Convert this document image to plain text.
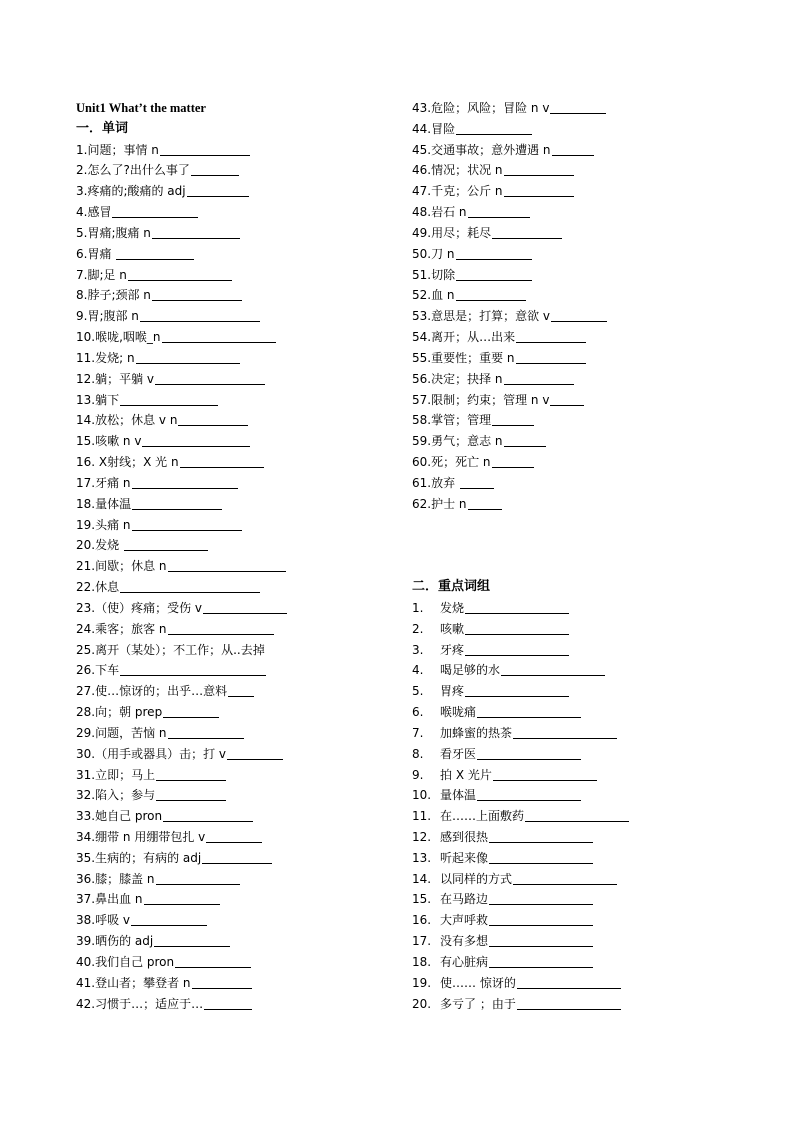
Unit1 What’t the matter
一．单词
1.问题；事情 n
2.怎么了?出什么事了
3.疼痛的;酸痛的 adj
4.感冒
5.胃痛;腹痛 n
6.胃痛
7.脚;足 n
8.脖子;颈部 n
9.胃;腹部 n
10.喉咙,咽喉_n
11.发烧; n
12.躺；平躺 v
13.躺下
14.放松；休息 v n
15.咳嗽 n v
16. X射线；X 光 n
17.牙痛 n
18.量体温
19.头痛 n
20.发烧
21.间歇；休息 n
22.休息
23.（使）疼痛；受伤 v
24.乘客；旅客 n
25.离开（某处）；不工作；从..去掉
26.下车
27.使…惊讶的；出乎…意料
28.向；朝 prep
29.问题，苦恼 n
30.（用手或器具）击；打 v
31.立即；马上
32.陷入；参与
33.她自己 pron
34.绷带 n 用绷带包扎 v
35.生病的；有病的 adj
36.膝；膝盖 n
37.鼻出血 n
38.呼吸 v
39.晒伤的 adj
40.我们自己 pron
41.登山者；攀登者 n
42.习惯于…；适应于…
43.危险；风险；冒险 n v
44.冒险
45.交通事故；意外遭遇 n
46.情况；状况 n
47.千克；公斤 n
48.岩石 n
49.用尽；耗尽
50.刀 n
51.切除
52.血 n
53.意思是；打算；意欲 v
54.离开；从…出来
55.重要性；重要 n
56.决定；抉择 n
57.限制；约束；管理 n v
58.掌管；管理
59.勇气；意志 n
60.死；死亡 n
61.放弃
62.护士 n
二．重点词组
1. 发烧
2. 咳嗽
3. 牙疼
4. 喝足够的水
5. 胃疼
6. 喉咙痛
7. 加蜂蜜的热茶
8. 看牙医
9. 拍 X 光片
10. 量体温
11. 在……上面敷药
12. 感到很热
13. 听起来像
14. 以同样的方式
15. 在马路边
16. 大声呼救
17. 没有多想
18. 有心脏病
19. 使…… 惊讶的
20. 多亏了 ；由于
